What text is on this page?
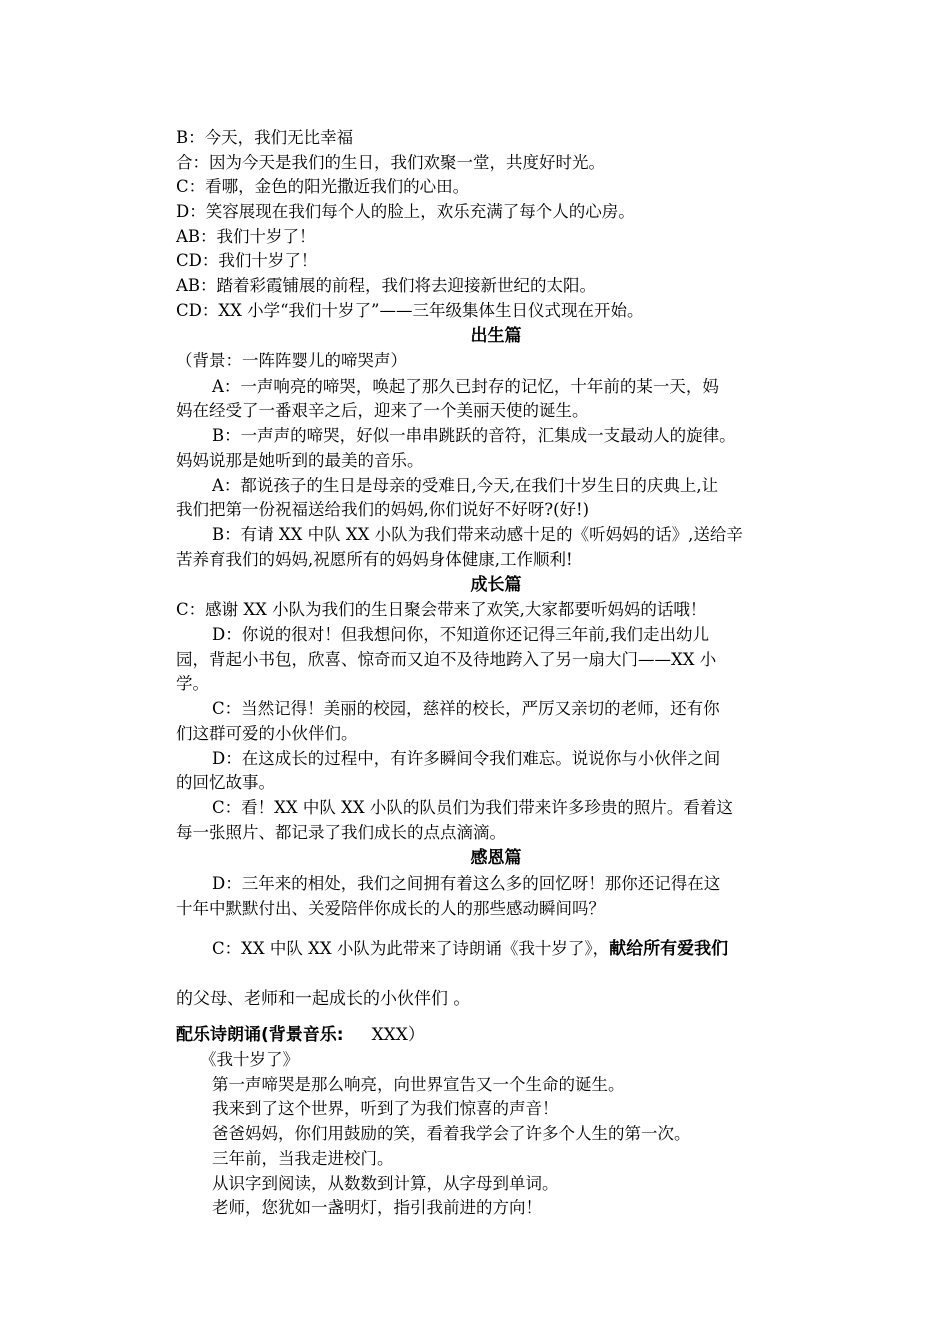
B：今天，我们无比幸福
合：因为今天是我们的生日，我们欢聚一堂，共度好时光。
C：看哪，金色的阳光撒近我们的心田。
D：笑容展现在我们每个人的脸上，欢乐充满了每个人的心房。
AB：我们十岁了！
CD：我们十岁了！
AB：踏着彩霞铺展的前程，我们将去迎接新世纪的太阳。
CD：XX 小学“我们十岁了”——三年级集体生日仪式现在开始。
出生篇
（背景：一阵阵婴儿的啼哭声）
A：一声响亮的啼哭，唤起了那久已封存的记忆，十年前的某一天，妈
妈在经受了一番艰辛之后，迎来了一个美丽天使的诞生。
B：一声声的啼哭，好似一串串跳跃的音符，汇集成一支最动人的旋律。
妈妈说那是她听到的最美的音乐。
A：都说孩子的生日是母亲的受难日,今天,在我们十岁生日的庆典上,让
我们把第一份祝福送给我们的妈妈,你们说好不好呀?(好!)
B：有请 XX 中队 XX 小队为我们带来动感十足的《听妈妈的话》,送给辛
苦养育我们的妈妈,祝愿所有的妈妈身体健康,工作顺利!
成长篇
C：感谢 XX 小队为我们的生日聚会带来了欢笑,大家都要听妈妈的话哦！
D：你说的很对！但我想问你，不知道你还记得三年前,我们走出幼儿
园，背起小书包，欣喜、惊奇而又迫不及待地跨入了另一扇大门——XX 小
学。
C：当然记得！美丽的校园，慈祥的校长，严厉又亲切的老师，还有你
们这群可爱的小伙伴们。
D：在这成长的过程中，有许多瞬间令我们难忘。说说你与小伙伴之间
的回忆故事。
C：看！XX 中队 XX 小队的队员们为我们带来许多珍贵的照片。看着这
每一张照片、都记录了我们成长的点点滴滴。
感恩篇
D：三年来的相处，我们之间拥有着这么多的回忆呀！那你还记得在这
十年中默默付出、关爱陪伴你成长的人的那些感动瞬间吗？
C：XX 中队 XX 小队为此带来了诗朗诵《我十岁了》，献给所有爱我们
的父母、老师和一起成长的小伙伴们 。
配乐诗朗诵(背景音乐: XXX）
《我十岁了》
第一声啼哭是那么响亮，向世界宣告又一个生命的诞生。
我来到了这个世界，听到了为我们惊喜的声音！
爸爸妈妈，你们用鼓励的笑，看着我学会了许多个人生的第一次。
三年前，当我走进校门。
从识字到阅读，从数数到计算，从字母到单词。
老师，您犹如一盏明灯，指引我前进的方向！
